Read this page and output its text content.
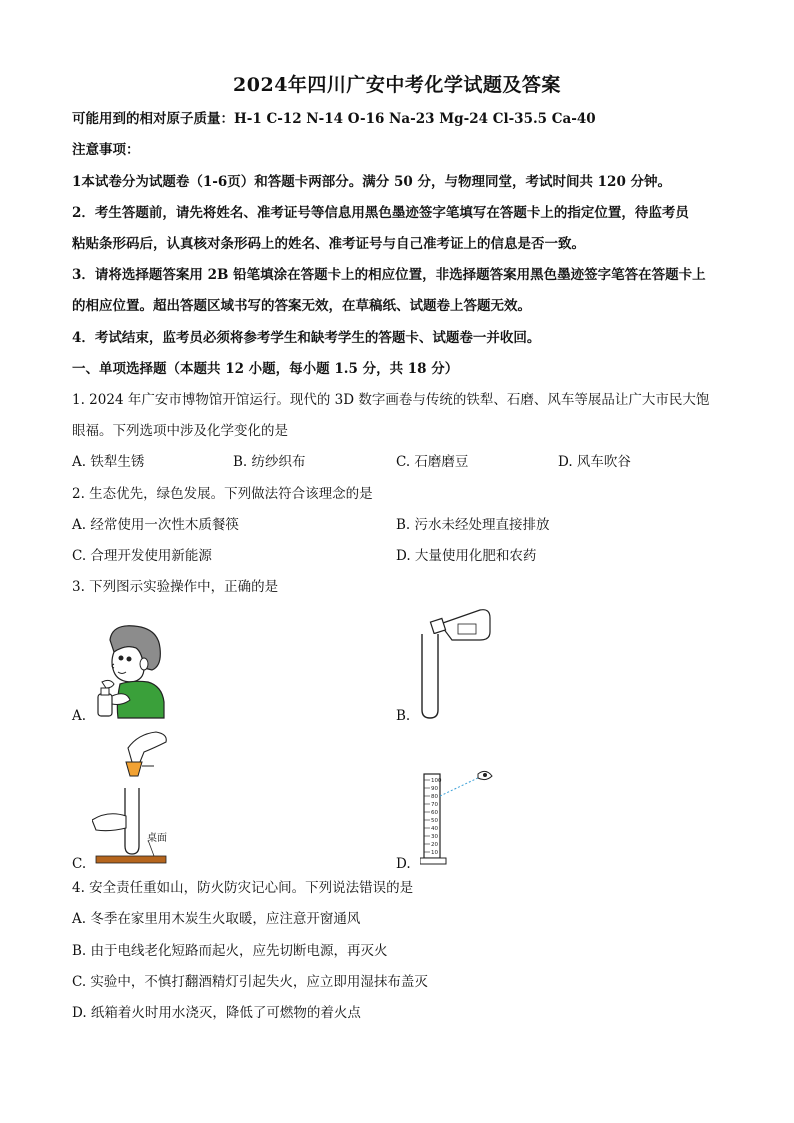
2024年四川广安中考化学试题及答案
可能用到的相对原子质量：H-1 C-12 N-14 O-16 Na-23 Mg-24 Cl-35.5 Ca-40
注意事项：
1本试卷分为试题卷（1-6页）和答题卡两部分。满分 50 分，与物理同堂，考试时间共 120 分钟。
2．考生答题前，请先将姓名、准考证号等信息用黑色墨迹签字笔填写在答题卡上的指定位置，待监考员
粘贴条形码后，认真核对条形码上的姓名、准考证号与自己准考证上的信息是否一致。
3．请将选择题答案用 2B 铅笔填涂在答题卡上的相应位置，非选择题答案用黑色墨迹签字笔答在答题卡上
的相应位置。超出答题区域书写的答案无效，在草稿纸、试题卷上答题无效。
4．考试结束，监考员必须将参考学生和缺考学生的答题卡、试题卷一并收回。
一、单项选择题（本题共 12 小题，每小题 1.5 分，共 18 分）
1. 2024 年广安市博物馆开馆运行。现代的 3D 数字画卷与传统的铁犁、石磨、风车等展品让广大市民大饱
眼福。下列选项中涉及化学变化的是
A. 铁犁生锈	B. 纺纱织布	C. 石磨磨豆	D. 风车吹谷
2. 生态优先，绿色发展。下列做法符合该理念的是
A. 经常使用一次性木质餐筷	B. 污水未经处理直接排放
C. 合理开发使用新能源	D. 大量使用化肥和农药
3. 下列图示实验操作中，正确的是
A.	B.
桌面
C.
100
90
80
70
60
50
40
30
20
10
D.
4. 安全责任重如山，防火防灾记心间。下列说法错误的是
A. 冬季在家里用木炭生火取暖，应注意开窗通风
B. 由于电线老化短路而起火，应先切断电源，再灭火
C. 实验中，不慎打翻酒精灯引起失火，应立即用湿抹布盖灭
D. 纸箱着火时用水浇灭，降低了可燃物的着火点
